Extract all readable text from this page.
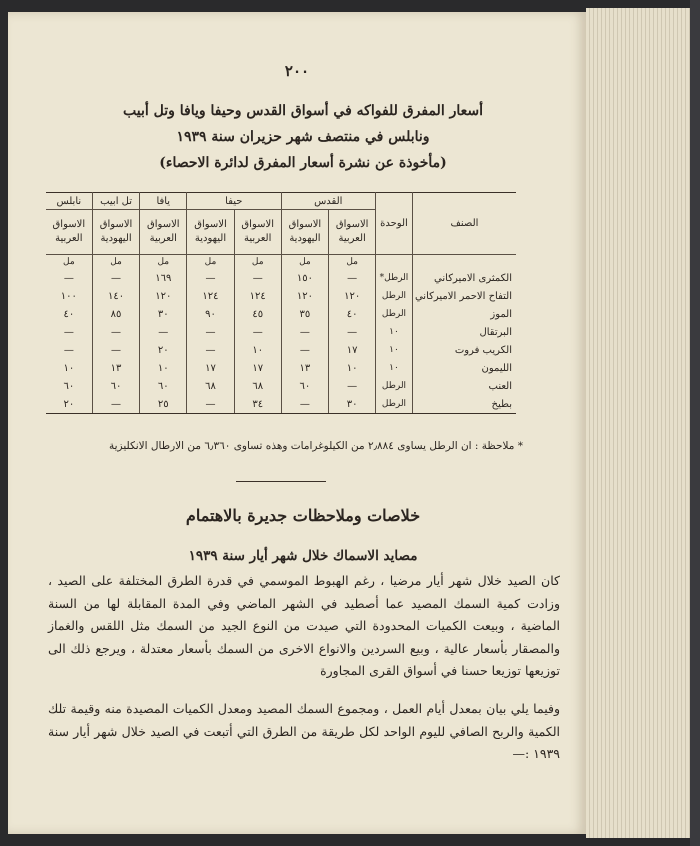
٢٠٠
أسعار المفرق للفواكه في أسواق القدس وحيفا ويافا وتل أبيب
ونابلس في منتصف شهر حزيران سنة ١٩٣٩
(مأخوذة عن نشرة أسعار المفرق لدائرة الاحصاء)
الصنف	الوحدة	القدس		حيفا		يافا	تل ابيب	نابلس
		الاسواق العربية	الاسواق اليهودية	الاسواق العربية	الاسواق اليهودية	الاسواق العربية	الاسواق اليهودية	الاسواق العربية
		مل	مل	مل	مل	مل	مل	مل
الكمثرى الاميركاني	الرطل*	—	١٥٠	—	—	١٦٩	—	—
التفاح الاحمر الاميركاني	الرطل	١٢٠	١٢٠	١٢٤	١٢٤	١٢٠	١٤٠	١٠٠
الموز	الرطل	٤٠	٣٥	٤٥	٩٠	٣٠	٨٥	٤٠
البرتقال	١٠	—	—	—	—	—	—	—
الكريب فروت	١٠	١٧	—	١٠	—	٢٠	—	—
الليمون	١٠	١٠	١٣	١٧	١٧	١٠	١٣	١٠
العنب	الرطل	—	٦٠	٦٨	٦٨	٦٠	٦٠	٦٠
بطيخ	الرطل	٣٠	—	٣٤	—	٢٥	—	٢٠
* ملاحظة : ان الرطل يساوى ٢٫٨٨٤ من الكيلوغرامات وهذه تساوى ٦٫٣٦٠ من الارطال الانكليزية
خلاصات وملاحظات جديرة بالاهتمام
مصايد الاسماك خلال شهر أيار سنة ١٩٣٩
كان الصيد خلال شهر أيار مرضيا ، رغم الهبوط الموسمي في قدرة الطرق المختلفة على الصيد ، وزادت كمية السمك المصيد عما أصطيد في الشهر الماضي وفي المدة المقابلة لها من السنة الماضية ، وبيعت الكميات المحدودة التي صيدت من النوع الجيد من السمك مثل اللقس والغماز والمصقار بأسعار عالية ، وبيع السردين والانواع الاخرى من السمك بأسعار معتدلة ، ويرجع ذلك الى توزيعها توزيعا حسنا في أسواق القرى المجاورة
وفيما يلي بيان بمعدل أيام العمل ، ومجموع السمك المصيد ومعدل الكميات المصيدة منه وقيمة تلك الكمية والربح الصافي لليوم الواحد لكل طريقة من الطرق التي أتبعت في الصيد خلال شهر أيار سنة ١٩٣٩ :—
